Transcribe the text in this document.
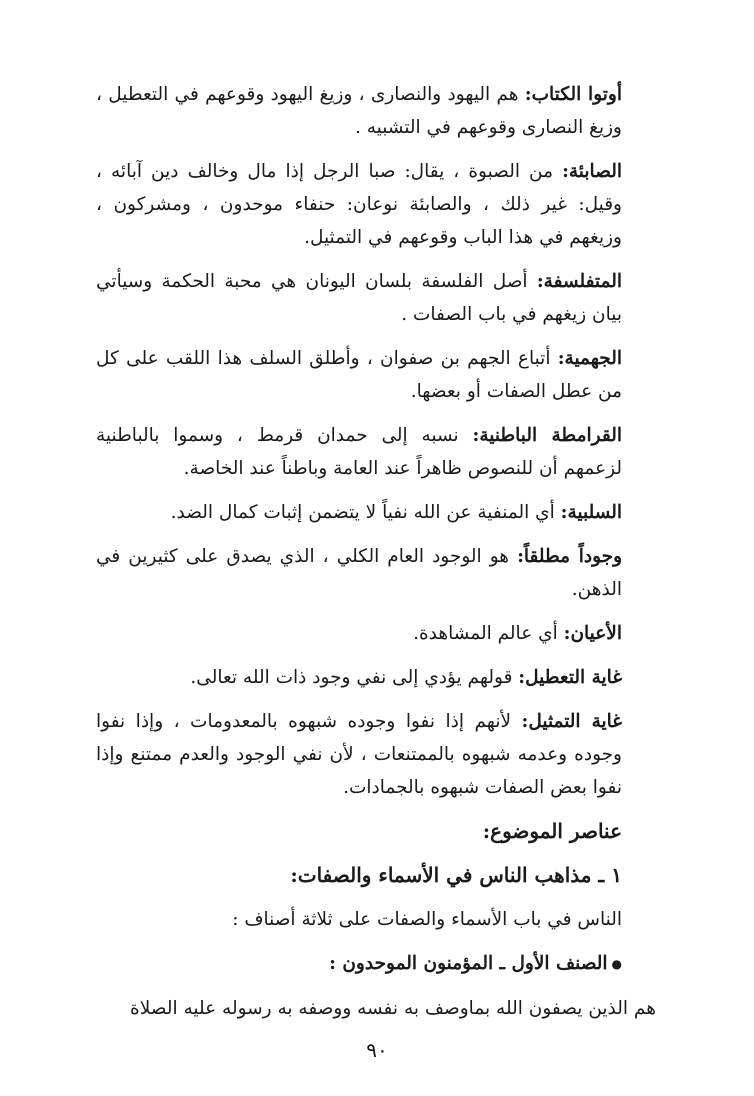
أوتوا الكتاب: هم اليهود والنصارى ، وزيغ اليهود وقوعهم في التعطيل ، وزيغ النصارى وقوعهم في التشبيه .

الصابئة: من الصبوة ، يقال: صبا الرجل إذا مال وخالف دين آبائه ، وقيل: غير ذلك ، والصابئة نوعان: حنفاء موحدون ، ومشركون ، وزيغهم في هذا الباب وقوعهم في التمثيل.

المتفلسفة: أصل الفلسفة بلسان اليونان هي محبة الحكمة وسيأتي بيان زيغهم في باب الصفات .

الجهمية: أتباع الجهم بن صفوان ، وأطلق السلف هذا اللقب على كل من عطل الصفات أو بعضها.

القرامطة الباطنية: نسبه إلى حمدان قرمط ، وسموا بالباطنية لزعمهم أن للنصوص ظاهراً عند العامة وباطناً عند الخاصة.

السلبية: أي المنفية عن الله نفياً لا يتضمن إثبات كمال الضد.

وجوداً مطلقاً: هو الوجود العام الكلي ، الذي يصدق على كثيرين في الذهن.

الأعيان: أي عالم المشاهدة.

غاية التعطيل: قولهم يؤدي إلى نفي وجود ذات الله تعالى.

غاية التمثيل: لأنهم إذا نفوا وجوده شبهوه بالمعدومات ، وإذا نفوا وجوده وعدمه شبهوه بالممتنعات ، لأن نفي الوجود والعدم ممتنع وإذا نفوا بعض الصفات شبهوه بالجمادات.

عناصر الموضوع:

١ ـ مذاهب الناس في الأسماء والصفات:

الناس في باب الأسماء والصفات على ثلاثة أصناف :

●الصنف الأول ـ المؤمنون الموحدون :

هم الذين يصفون الله بماوصف به نفسه ووصفه به رسوله عليه الصلاة

٩٠
